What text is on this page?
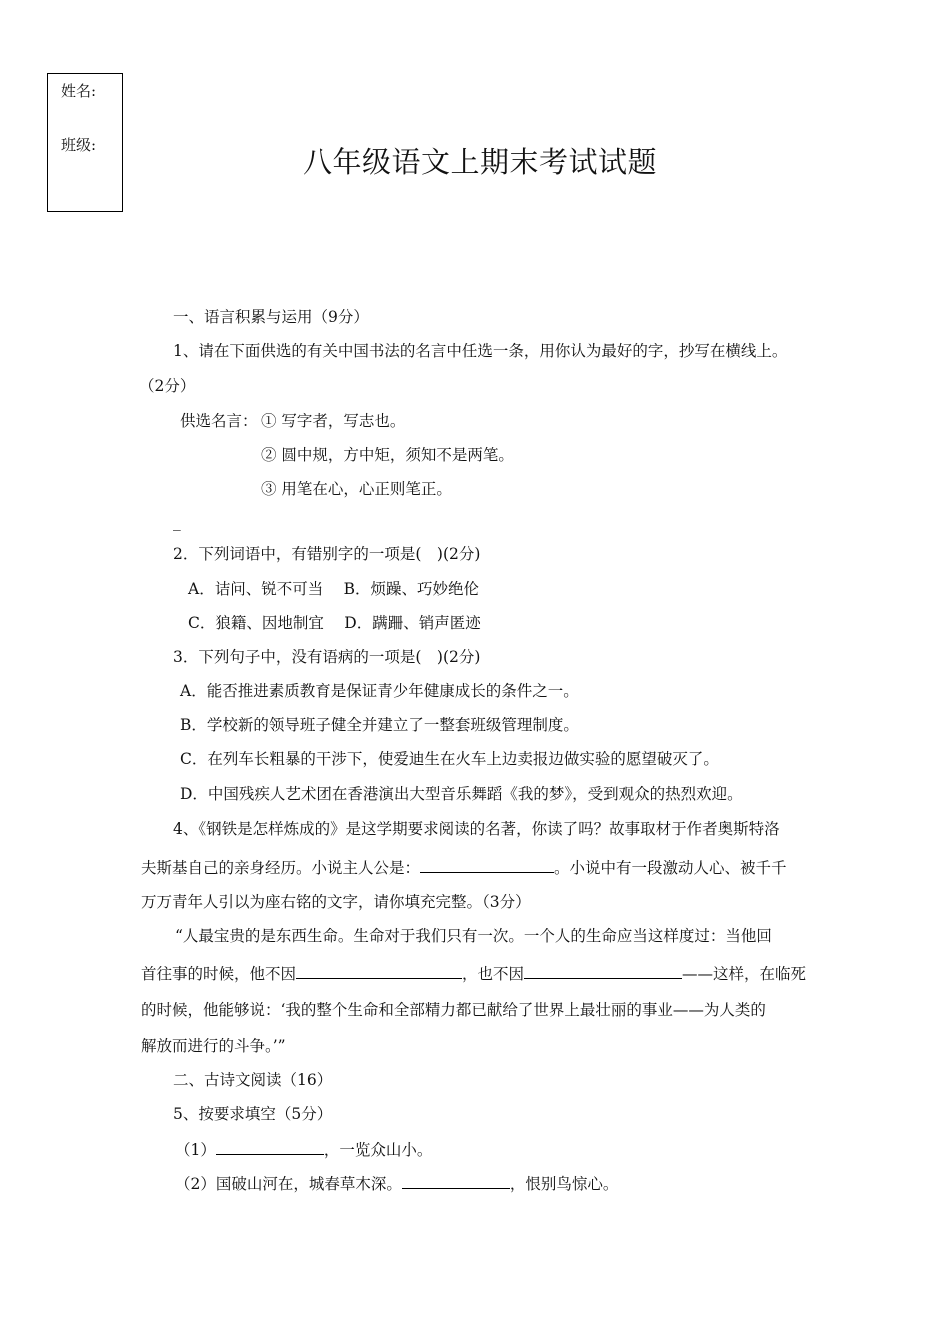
姓名:
班级:	八年级语文上期末考试试题
一、语言积累与运用（9分）
1、请在下面供选的有关中国书法的名言中任选一条，用你认为最好的字，抄写在横线上。
（2分）
供选名言： ① 写字者，写志也。
② 圆中规，方中矩，须知不是两笔。
③ 用笔在心，心正则笔正。
_
2．下列词语中，有错别字的一项是(　)(2分)
A．诘问、锐不可当　 B．烦躁、巧妙绝伦
C．狼籍、因地制宜　 D．蹒跚、销声匿迹
3．下列句子中，没有语病的一项是(　)(2分)
A．能否推进素质教育是保证青少年健康成长的条件之一。
B．学校新的领导班子健全并建立了一整套班级管理制度。
C．在列车长粗暴的干涉下，使爱迪生在火车上边卖报边做实验的愿望破灭了。
D．中国残疾人艺术团在香港演出大型音乐舞蹈《我的梦》，受到观众的热烈欢迎。
4、《钢铁是怎样炼成的》是这学期要求阅读的名著，你读了吗？故事取材于作者奥斯特洛
夫斯基自己的亲身经历。小说主人公是：	。小说中有一段激动人心、被千千
万万青年人引以为座右铭的文字，请你填充完整。（3分）
“人最宝贵的是东西生命。生命对于我们只有一次。一个人的生命应当这样度过：当他回
首往事的时候，他不因	，也不因	——这样，在临死
的时候，他能够说：‘我的整个生命和全部精力都已献给了世界上最壮丽的事业——为人类的
解放而进行的斗争。’”
二、古诗文阅读（16）
5、按要求填空（5分）
（1）	，一览众山小。
（2）国破山河在，城春草木深。	，恨别鸟惊心。
